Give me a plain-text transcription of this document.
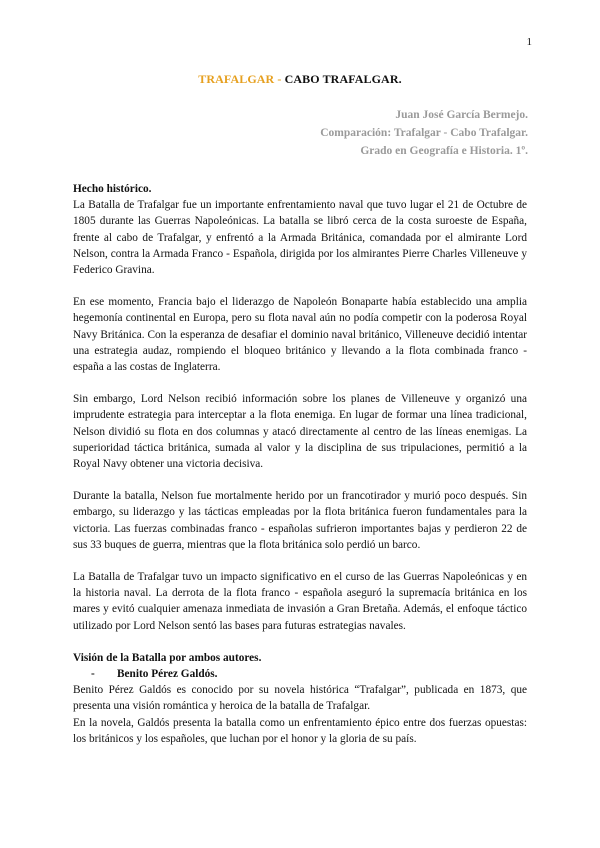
1
TRAFALGAR - CABO TRAFALGAR.
Juan José García Bermejo.
Comparación: Trafalgar - Cabo Trafalgar.
Grado en Geografía e Historia. 1º.

Hecho histórico.

La Batalla de Trafalgar fue un importante enfrentamiento naval que tuvo lugar el 21 de Octubre de 1805 durante las Guerras Napoleónicas. La batalla se libró cerca de la costa suroeste de España, frente al cabo de Trafalgar, y enfrentó a la Armada Británica, comandada por el almirante Lord Nelson, contra la Armada Franco - Española, dirigida por los almirantes Pierre Charles Villeneuve y Federico Gravina.

En ese momento, Francia bajo el liderazgo de Napoleón Bonaparte había establecido una amplia hegemonía continental en Europa, pero su flota naval aún no podía competir con la poderosa Royal Navy Británica. Con la esperanza de desafiar el dominio naval británico, Villeneuve decidió intentar una estrategia audaz, rompiendo el bloqueo británico y llevando a la flota combinada franco - españa a las costas de Inglaterra.

Sin embargo, Lord Nelson recibió información sobre los planes de Villeneuve y organizó una imprudente estrategia para interceptar a la flota enemiga. En lugar de formar una línea tradicional, Nelson dividió su flota en dos columnas y atacó directamente al centro de las líneas enemigas. La superioridad táctica británica, sumada al valor y la disciplina de sus tripulaciones, permitió a la Royal Navy obtener una victoria decisiva.

Durante la batalla, Nelson fue mortalmente herido por un francotirador y murió poco después. Sin embargo, su liderazgo y las tácticas empleadas por la flota británica fueron fundamentales para la victoria. Las fuerzas combinadas franco - españolas sufrieron importantes bajas y perdieron 22 de sus 33 buques de guerra, mientras que la flota británica solo perdió un barco.

La Batalla de Trafalgar tuvo un impacto significativo en el curso de las Guerras Napoleónicas y en la historia naval. La derrota de la flota franco - española aseguró la supremacía británica en los mares y evitó cualquier amenaza inmediata de invasión a Gran Bretaña. Además, el enfoque táctico utilizado por Lord Nelson sentó las bases para futuras estrategias navales.

Visión de la Batalla por ambos autores.

- Benito Pérez Galdós.

Benito Pérez Galdós es conocido por su novela histórica “Trafalgar”, publicada en 1873, que presenta una visión romántica y heroica de la batalla de Trafalgar.

En la novela, Galdós presenta la batalla como un enfrentamiento épico entre dos fuerzas opuestas: los británicos y los españoles, que luchan por el honor y la gloria de su país.
